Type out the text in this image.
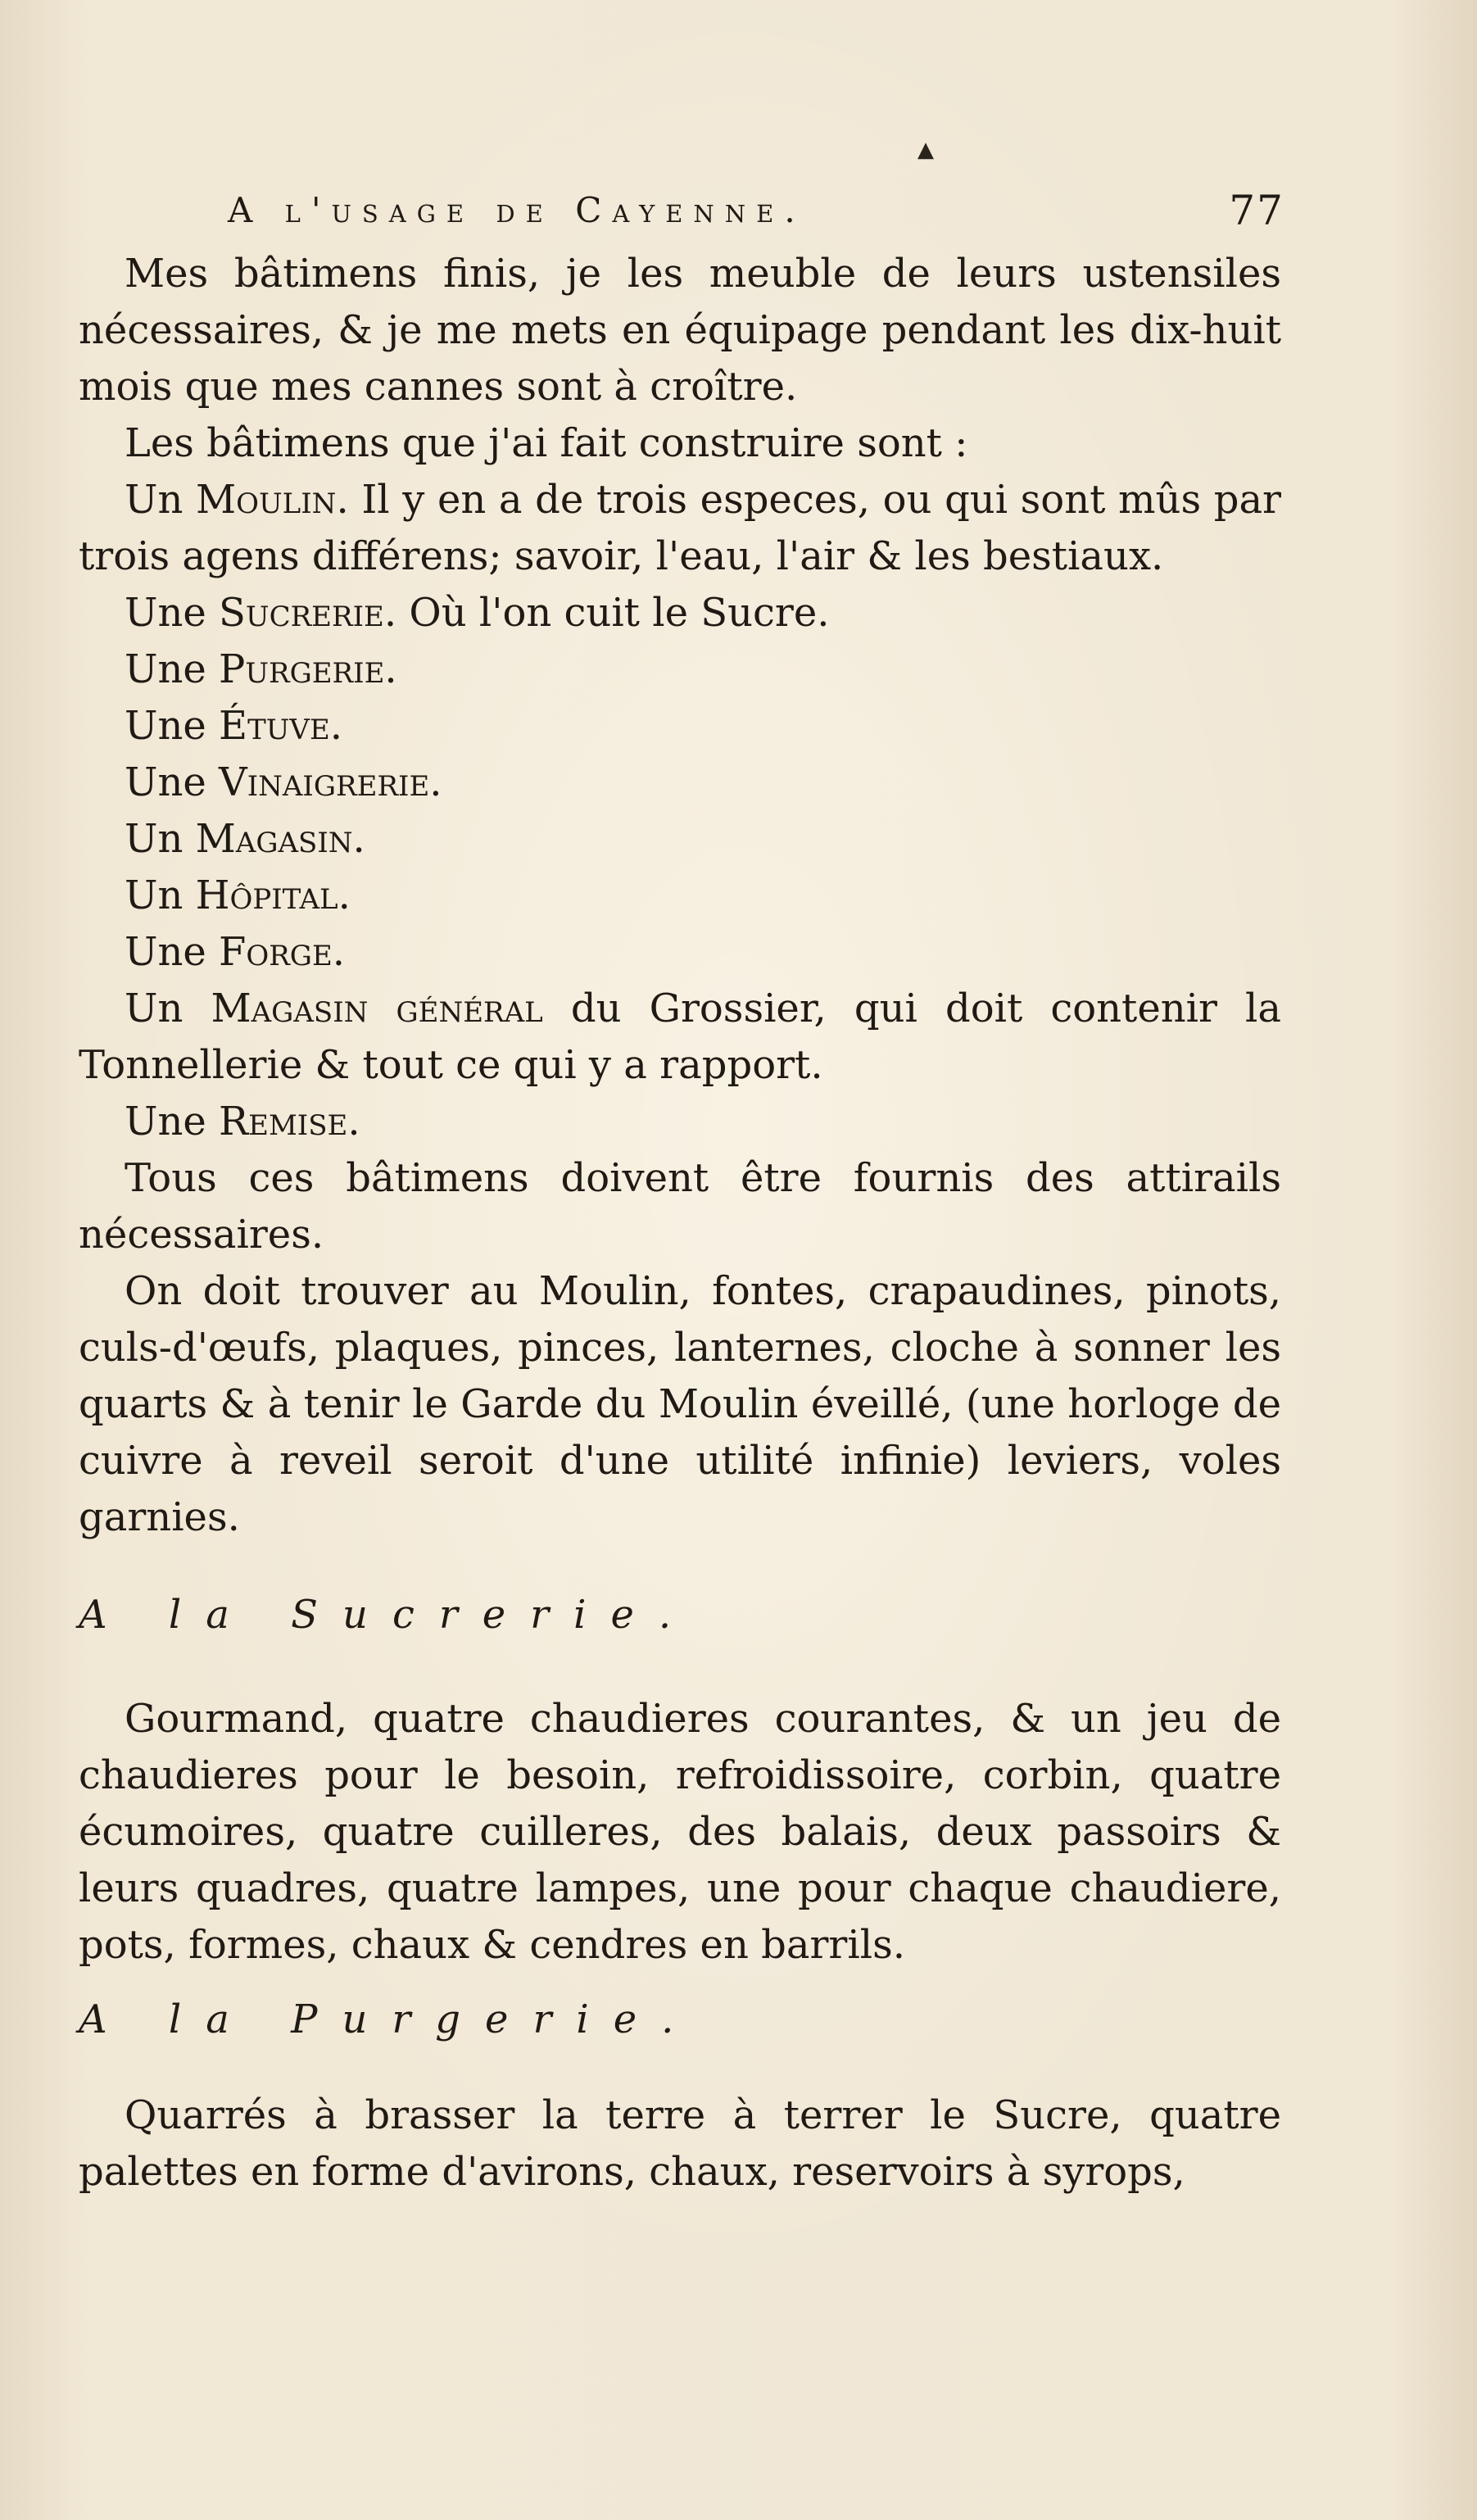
▲
A l'usage de Cayenne.	77

Mes bâtimens finis, je les meuble de leurs ustensiles nécessaires, & je me mets en équipage pendant les dix-huit mois que mes cannes sont à croître.

Les bâtimens que j'ai fait construire sont :

Un Moulin. Il y en a de trois especes, ou qui sont mûs par trois agens différens; savoir, l'eau, l'air & les bestiaux.

Une Sucrerie. Où l'on cuit le Sucre.

Une Purgerie.

Une Étuve.

Une Vinaigrerie.

Un Magasin.

Un Hôpital.

Une Forge.

Un Magasin général du Grossier, qui doit contenir la Tonnellerie & tout ce qui y a rapport.

Une Remise.

Tous ces bâtimens doivent être fournis des attirails nécessaires.

On doit trouver au Moulin, fontes, crapaudines, pinots, culs-d'œufs, plaques, pinces, lanternes, cloche à sonner les quarts & à tenir le Garde du Moulin éveillé, (une horloge de cuivre à reveil seroit d'une utilité infinie) leviers, voles garnies.

A la Sucrerie.

Gourmand, quatre chaudieres courantes, & un jeu de chaudieres pour le besoin, refroidissoire, corbin, quatre écumoires, quatre cuilleres, des balais, deux passoirs & leurs quadres, quatre lampes, une pour chaque chaudiere, pots, formes, chaux & cendres en barrils.

A la Purgerie.

Quarrés à brasser la terre à terrer le Sucre, quatre palettes en forme d'avirons, chaux, reservoirs à syrops,
